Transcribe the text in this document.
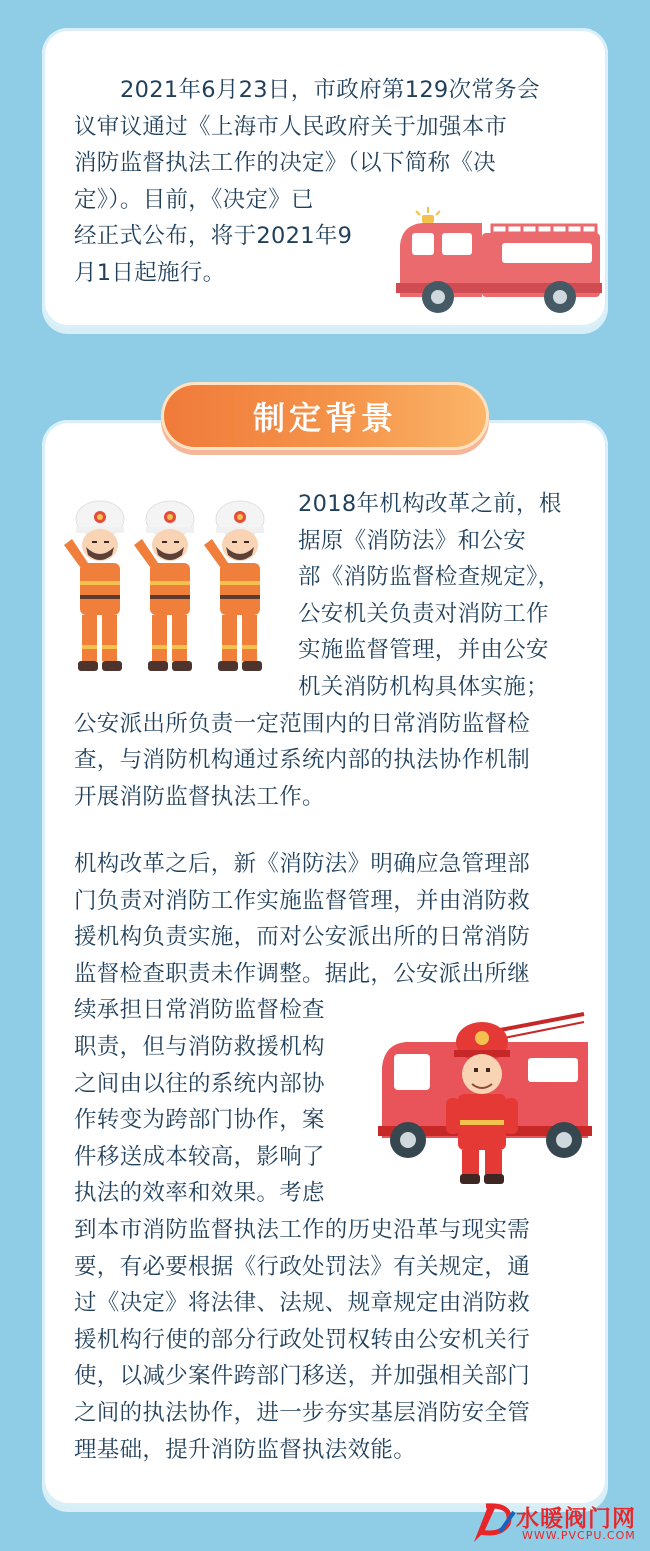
2021年6月23日，市政府第129次常务会
议审议通过《上海市人民政府关于加强本市
消防监督执法工作的决定》（以下简称《决
定》）。目前，《决定》已
经正式公布，将于2021年9
月1日起施行。
制定背景
2018年机构改革之前，根
据原《消防法》和公安
部《消防监督检查规定》，
公安机关负责对消防工作
实施监督管理，并由公安
机关消防机构具体实施；
公安派出所负责一定范围内的日常消防监督检
查，与消防机构通过系统内部的执法协作机制
开展消防监督执法工作。
机构改革之后，新《消防法》明确应急管理部
门负责对消防工作实施监督管理，并由消防救
援机构负责实施，而对公安派出所的日常消防
监督检查职责未作调整。据此，公安派出所继
续承担日常消防监督检查
职责，但与消防救援机构
之间由以往的系统内部协
作转变为跨部门协作，案
件移送成本较高，影响了
执法的效率和效果。考虑
到本市消防监督执法工作的历史沿革与现实需
要，有必要根据《行政处罚法》有关规定，通
过《决定》将法律、法规、规章规定由消防救
援机构行使的部分行政处罚权转由公安机关行
使，以减少案件跨部门移送，并加强相关部门
之间的执法协作，进一步夯实基层消防安全管
理基础，提升消防监督执法效能。
水暖阀门网
WWW.PVCPU.COM
